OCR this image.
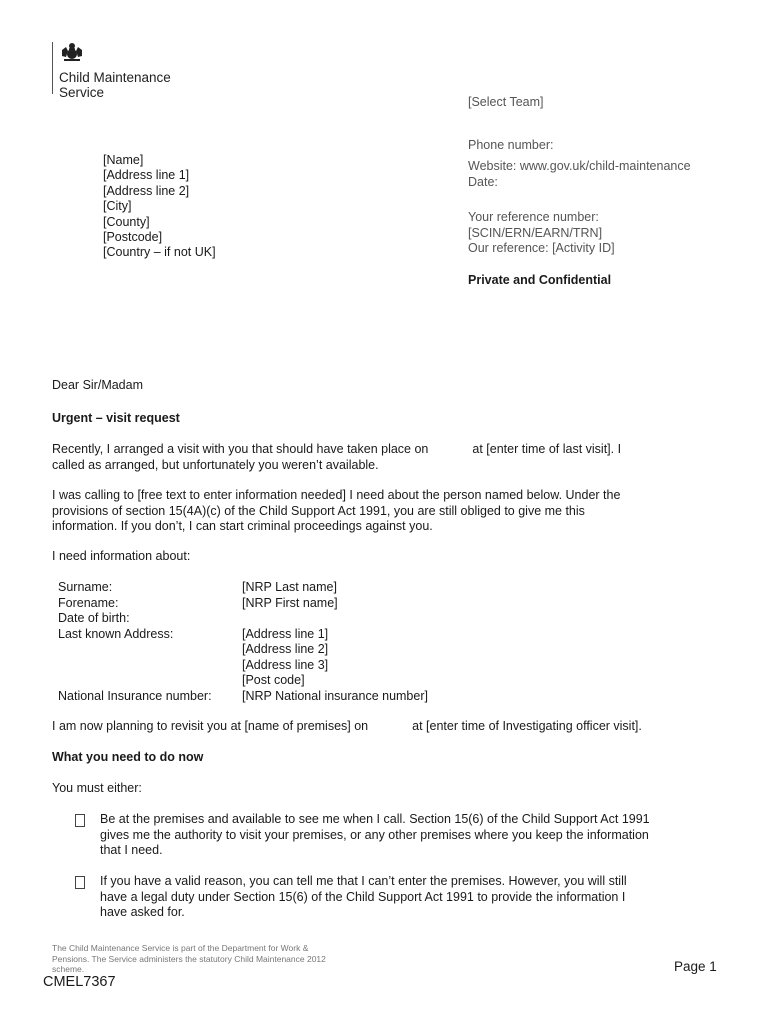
Child Maintenance
Service
[Select Team]
Phone number:
Website: www.gov.uk/child-maintenance
Date:
Your reference number:
[SCIN/ERN/EARN/TRN]
Our reference: [Activity ID]
Private and Confidential
[Name]
[Address line 1]
[Address line 2]
[City]
[County]
[Postcode]
[Country – if not UK]
Dear Sir/Madam
Urgent – visit request
Recently, I arranged a visit with you that should have taken place on	at [enter time of last visit]. I
called as arranged, but unfortunately you weren’t available.
I was calling to [free text to enter information needed] I need about the person named below. Under the
provisions of section 15(4A)(c) of the Child Support Act 1991, you are still obliged to give me this
information. If you don’t, I can start criminal proceedings against you.
I need information about:
Surname:	[NRP Last name]
Forename:	[NRP First name]
Date of birth:
Last known Address:	[Address line 1]
[Address line 2]
[Address line 3]
[Post code]
National Insurance number:	[NRP National insurance number]
I am now planning to revisit you at [name of premises] on	at [enter time of Investigating officer visit].
What you need to do now
You must either:
Be at the premises and available to see me when I call. Section 15(6) of the Child Support Act 1991
gives me the authority to visit your premises, or any other premises where you keep the information
that I need.
If you have a valid reason, you can tell me that I can’t enter the premises. However, you will still
have a legal duty under Section 15(6) of the Child Support Act 1991 to provide the information I
have asked for.
The Child Maintenance Service is part of the Department for Work &
Pensions. The Service administers the statutory Child Maintenance 2012
scheme.	Page 1
CMEL7367
